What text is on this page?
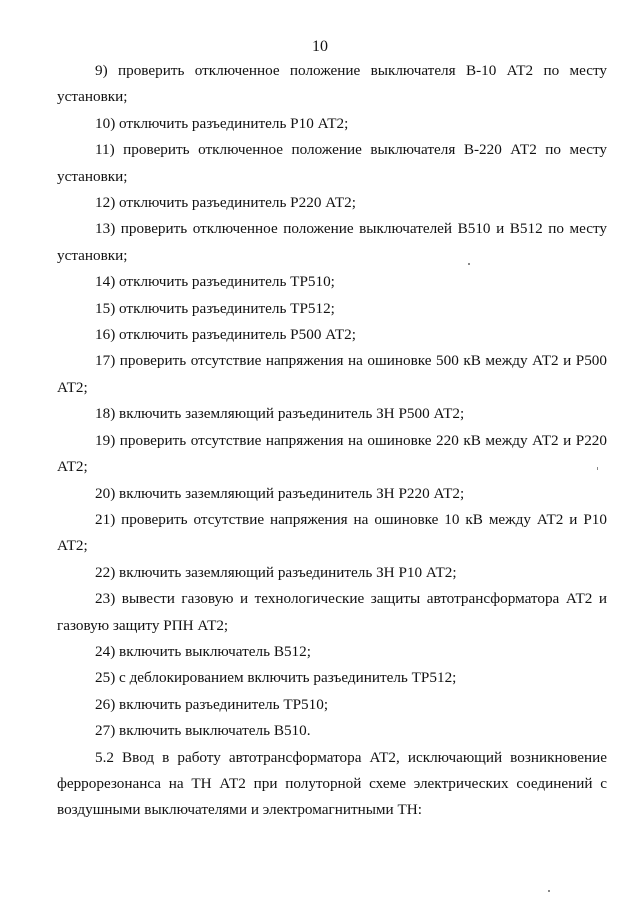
10

9) проверить отключенное положение выключателя В-10 АТ2 по месту установки;

10) отключить разъединитель Р10 АТ2;

11) проверить отключенное положение выключателя В-220 АТ2 по месту установки;

12) отключить разъединитель Р220 АТ2;

13) проверить отключенное положение выключателей В510 и В512 по месту установки;

14) отключить разъединитель ТР510;

15) отключить разъединитель ТР512;

16) отключить разъединитель Р500 АТ2;

17) проверить отсутствие напряжения на ошиновке 500 кВ между АТ2 и Р500 АТ2;

18) включить заземляющий разъединитель ЗН Р500 АТ2;

19) проверить отсутствие напряжения на ошиновке 220 кВ между АТ2 и Р220 АТ2;

20) включить заземляющий разъединитель ЗН Р220 АТ2;

21) проверить отсутствие напряжения на ошиновке 10 кВ между АТ2 и Р10 АТ2;

22) включить заземляющий разъединитель ЗН Р10 АТ2;

23) вывести газовую и технологические защиты автотрансформатора АТ2 и газовую защиту РПН АТ2;

24) включить выключатель В512;

25) с деблокированием включить разъединитель ТР512;

26) включить разъединитель ТР510;

27) включить выключатель В510.

5.2 Ввод в работу автотрансформатора АТ2, исключающий возникновение феррорезонанса на ТН АТ2 при полуторной схеме электрических соединений с воздушными выключателями и электромагнитными ТН:
